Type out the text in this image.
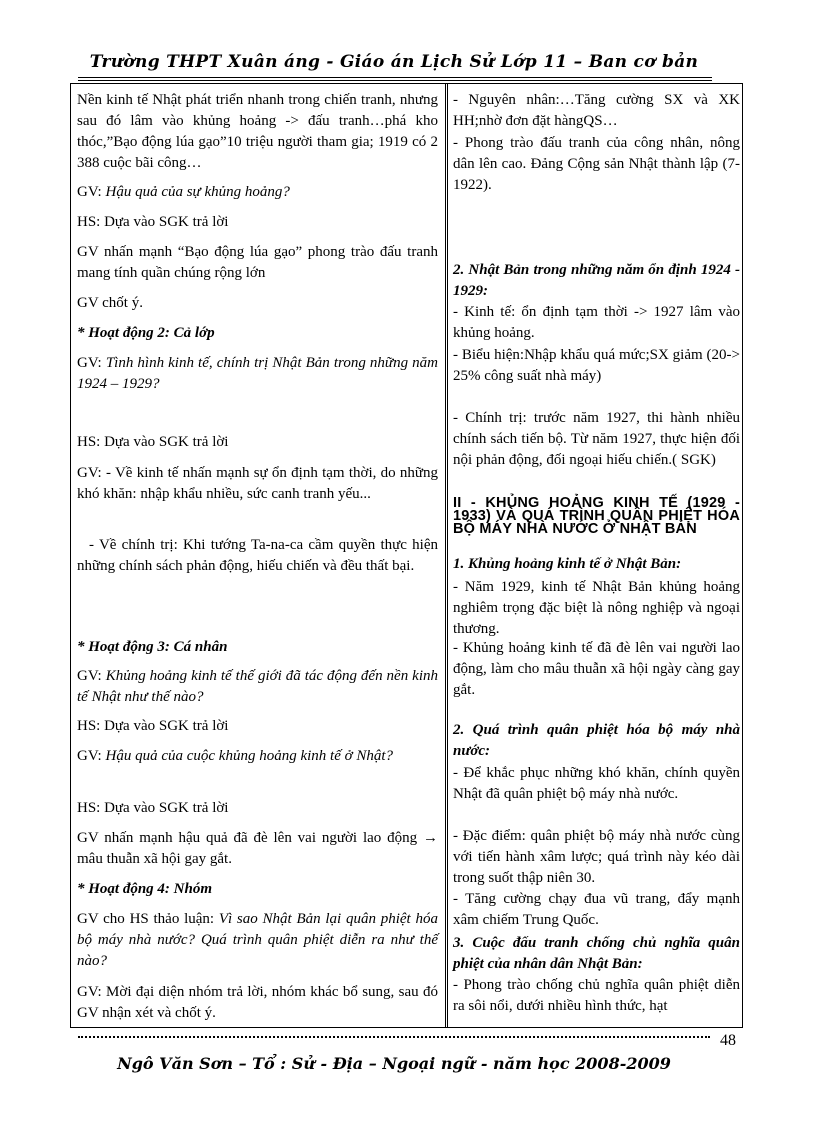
Trường THPT Xuân áng - Giáo án Lịch Sử Lớp 11 – Ban cơ bản
Nền kinh tế Nhật phát triển nhanh trong chiến tranh, nhưng sau đó lâm vào khủng hoảng -> đấu tranh…phá kho thóc,”Bạo động lúa gạo”10 triệu người tham gia; 1919 có 2 388 cuộc bãi công…
GV: Hậu quả của sự khủng hoảng?
HS: Dựa vào SGK trả lời
GV nhấn mạnh “Bạo động lúa gạo” phong trào đấu tranh mang tính quần chúng rộng lớn
GV chốt ý.
* Hoạt động 2: Cả lớp
GV: Tình hình kinh tế, chính trị Nhật Bản trong những năm 1924 – 1929?
HS: Dựa vào SGK trả lời
GV: - Về kinh tế nhấn mạnh sự ổn định tạm thời, do những khó khăn: nhập khẩu nhiều, sức canh tranh yếu...
- Về chính trị: Khi tướng Ta-na-ca cầm quyền thực hiện những chính sách phản động, hiếu chiến và đều thất bại.
* Hoạt động 3: Cá nhân
GV: Khủng hoảng kinh tế thế giới đã tác động đến nền kinh tế Nhật như thế nào?
HS: Dựa vào SGK trả lời
GV: Hậu quả của cuộc khủng hoảng kinh tế ở Nhật?
HS: Dựa vào SGK trả lời
GV nhấn mạnh hậu quả đã đè lên vai người lao động → mâu thuẫn xã hội gay gắt.
* Hoạt động 4: Nhóm
GV cho HS thảo luận: Vì sao Nhật Bản lại quân phiệt hóa bộ máy nhà nước? Quá trình quân phiệt diễn ra như thế nào?
GV: Mời đại diện nhóm trả lời, nhóm khác bổ sung, sau đó GV nhận xét và chốt ý.
- Nguyên nhân:…Tăng cường SX và XK HH;nhờ đơn đặt hàngQS…
- Phong trào đấu tranh của công nhân, nông dân lên cao. Đảng Cộng sản Nhật thành lập (7-1922).
2. Nhật Bản trong những năm ổn định 1924 - 1929:
- Kinh tế: ổn định tạm thời -> 1927 lâm vào khủng hoảng.
- Biểu hiện:Nhập khẩu quá mức;SX giảm (20-> 25% công suất nhà máy)
- Chính trị: trước năm 1927, thi hành nhiều chính sách tiến bộ. Từ năm 1927, thực hiện đối nội phản động, đối ngoại hiếu chiến.( SGK)
II - KHỦNG HOẢNG KINH TẾ (1929 - 1933) VÀ QUÁ TRÌNH QUÂN PHIỆT HÓA BỘ MÁY NHÀ NƯỚC Ở NHẬT BẢN
1. Khủng hoảng kinh tế ở Nhật Bản:
- Năm 1929, kinh tế Nhật Bản khủng hoảng nghiêm trọng đặc biệt là nông nghiệp và ngoại thương.
- Khủng hoảng kinh tế đã đè lên vai người lao động, làm cho mâu thuẫn xã hội ngày càng gay gắt.
2. Quá trình quân phiệt hóa bộ máy nhà nước:
- Để khắc phục những khó khăn, chính quyền Nhật đã quân phiệt bộ máy nhà nước.
- Đặc điểm: quân phiệt bộ máy nhà nước cùng với tiến hành xâm lược; quá trình này kéo dài trong suốt thập niên 30.
- Tăng cường chạy đua vũ trang, đẩy mạnh xâm chiếm Trung Quốc.
3. Cuộc đấu tranh chống chủ nghĩa quân phiệt của nhân dân Nhật Bản:
- Phong trào chống chủ nghĩa quân phiệt diễn ra sôi nổi, dưới nhiều hình thức, hạt
48
Ngô Văn Sơn – Tổ : Sử - Địa – Ngoại ngữ - năm học 2008-2009
